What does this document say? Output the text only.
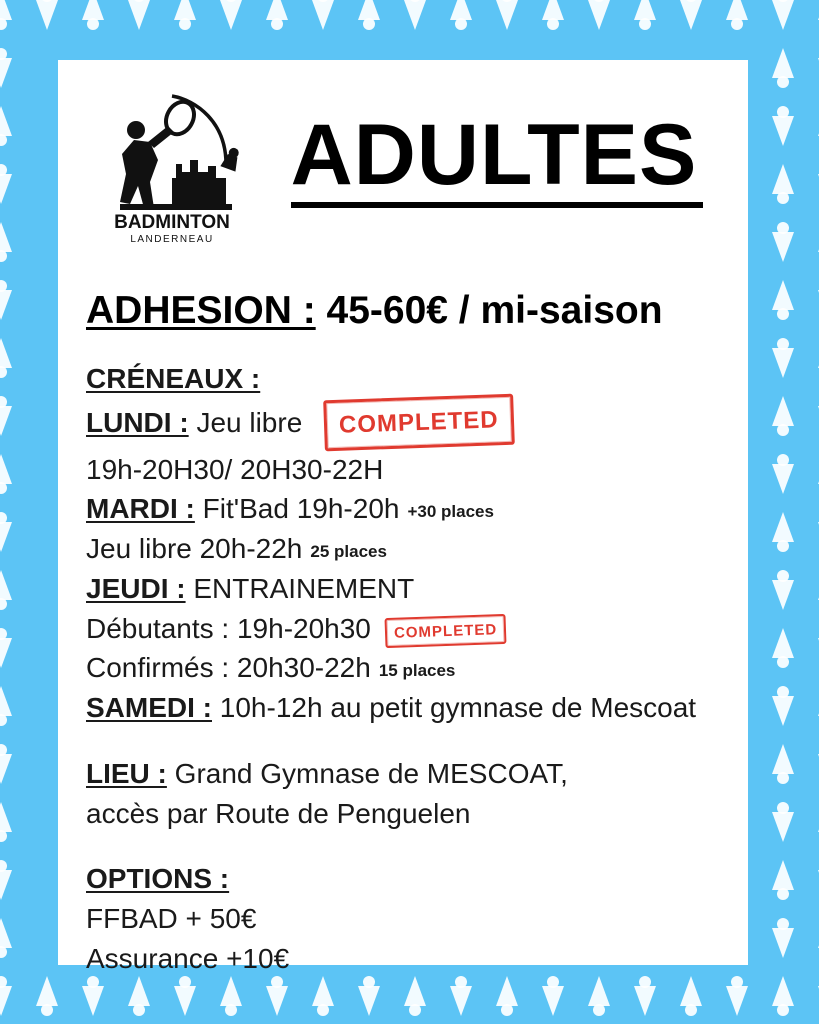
BADMINTON
LANDERNEAU
ADULTES
ADHESION : 45-60€ / mi-saison
CRÉNEAUX :
LUNDI :
Jeu libre	COMPLETED
19h-20H30/ 20H30-22H
MARDI :
Fit'Bad 19h-20h +30 places
Jeu libre 20h-22h 25 places
JEUDI :
ENTRAINEMENT
Débutants : 19h-20h30	COMPLETED
Confirmés : 20h30-22h 15 places
SAMEDI :
10h-12h au petit gymnase de Mescoat
LIEU :
Grand Gymnase de MESCOAT,
accès par Route de Penguelen
OPTIONS :
FFBAD + 50€
Assurance +10€
